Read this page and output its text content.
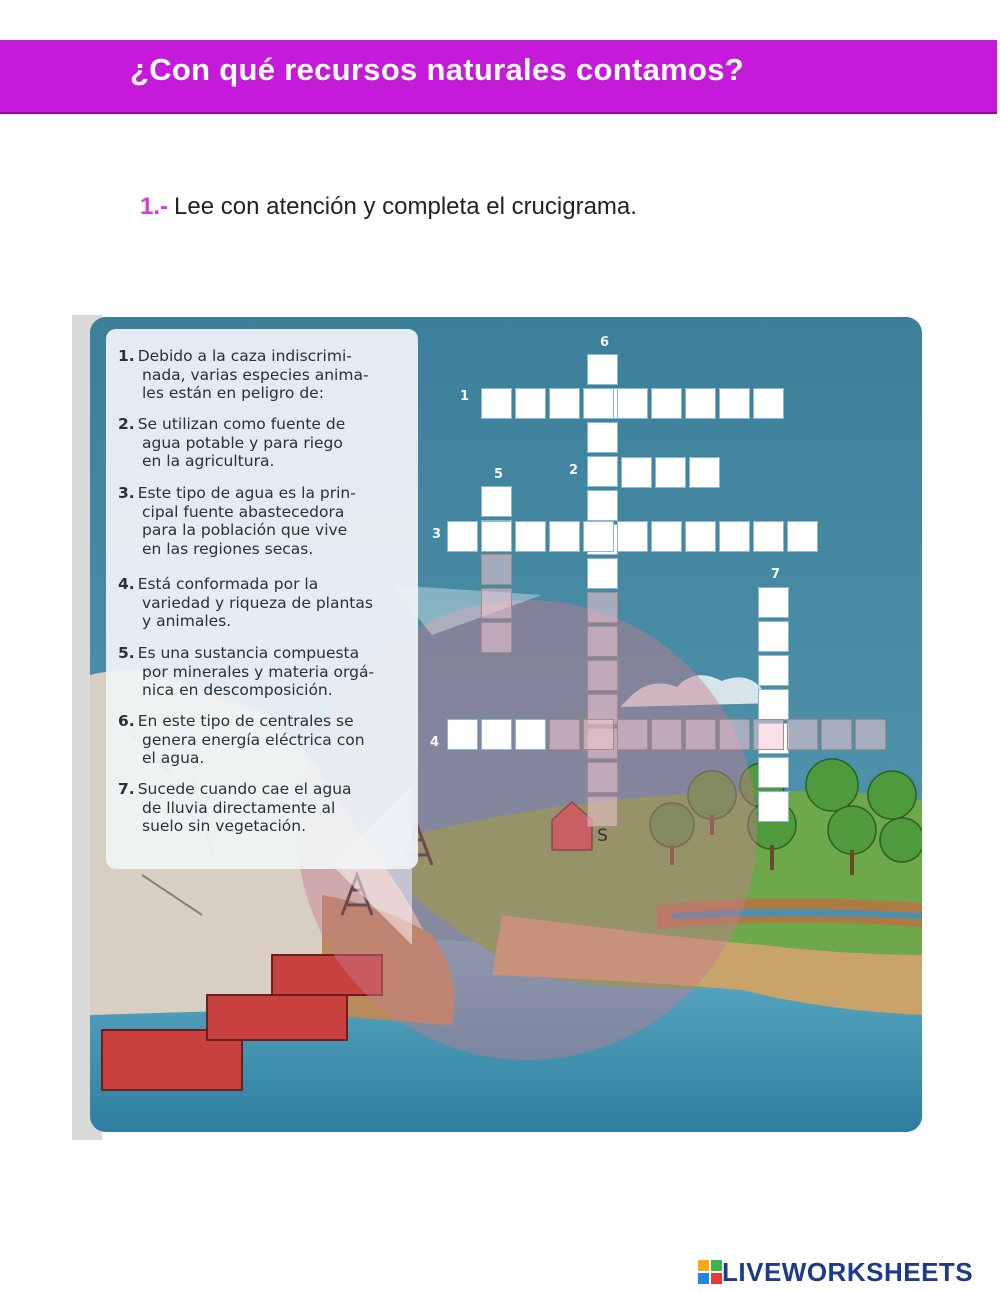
¿Con qué recursos naturales contamos?
1.- Lee con atención y completa el crucigrama.
1. Debido a la caza indiscrimi-
nada, varias especies anima-
les están en peligro de:
2. Se utilizan como fuente de
agua potable y para riego
en la agricultura.
3. Este tipo de agua es la prin-
cipal fuente abastecedora
para la población que vive
en las regiones secas.
4. Está conformada por la
variedad y riqueza de plantas
y animales.
5. Es una sustancia compuesta
por minerales y materia orgá-
nica en descomposición.
6. En este tipo de centrales se
genera energía eléctrica con
el agua.
7. Sucede cuando cae el agua
de lluvia directamente al
suelo sin vegetación.
6
1
5	2
3
7
4
S
LIVEWORKSHEETS
